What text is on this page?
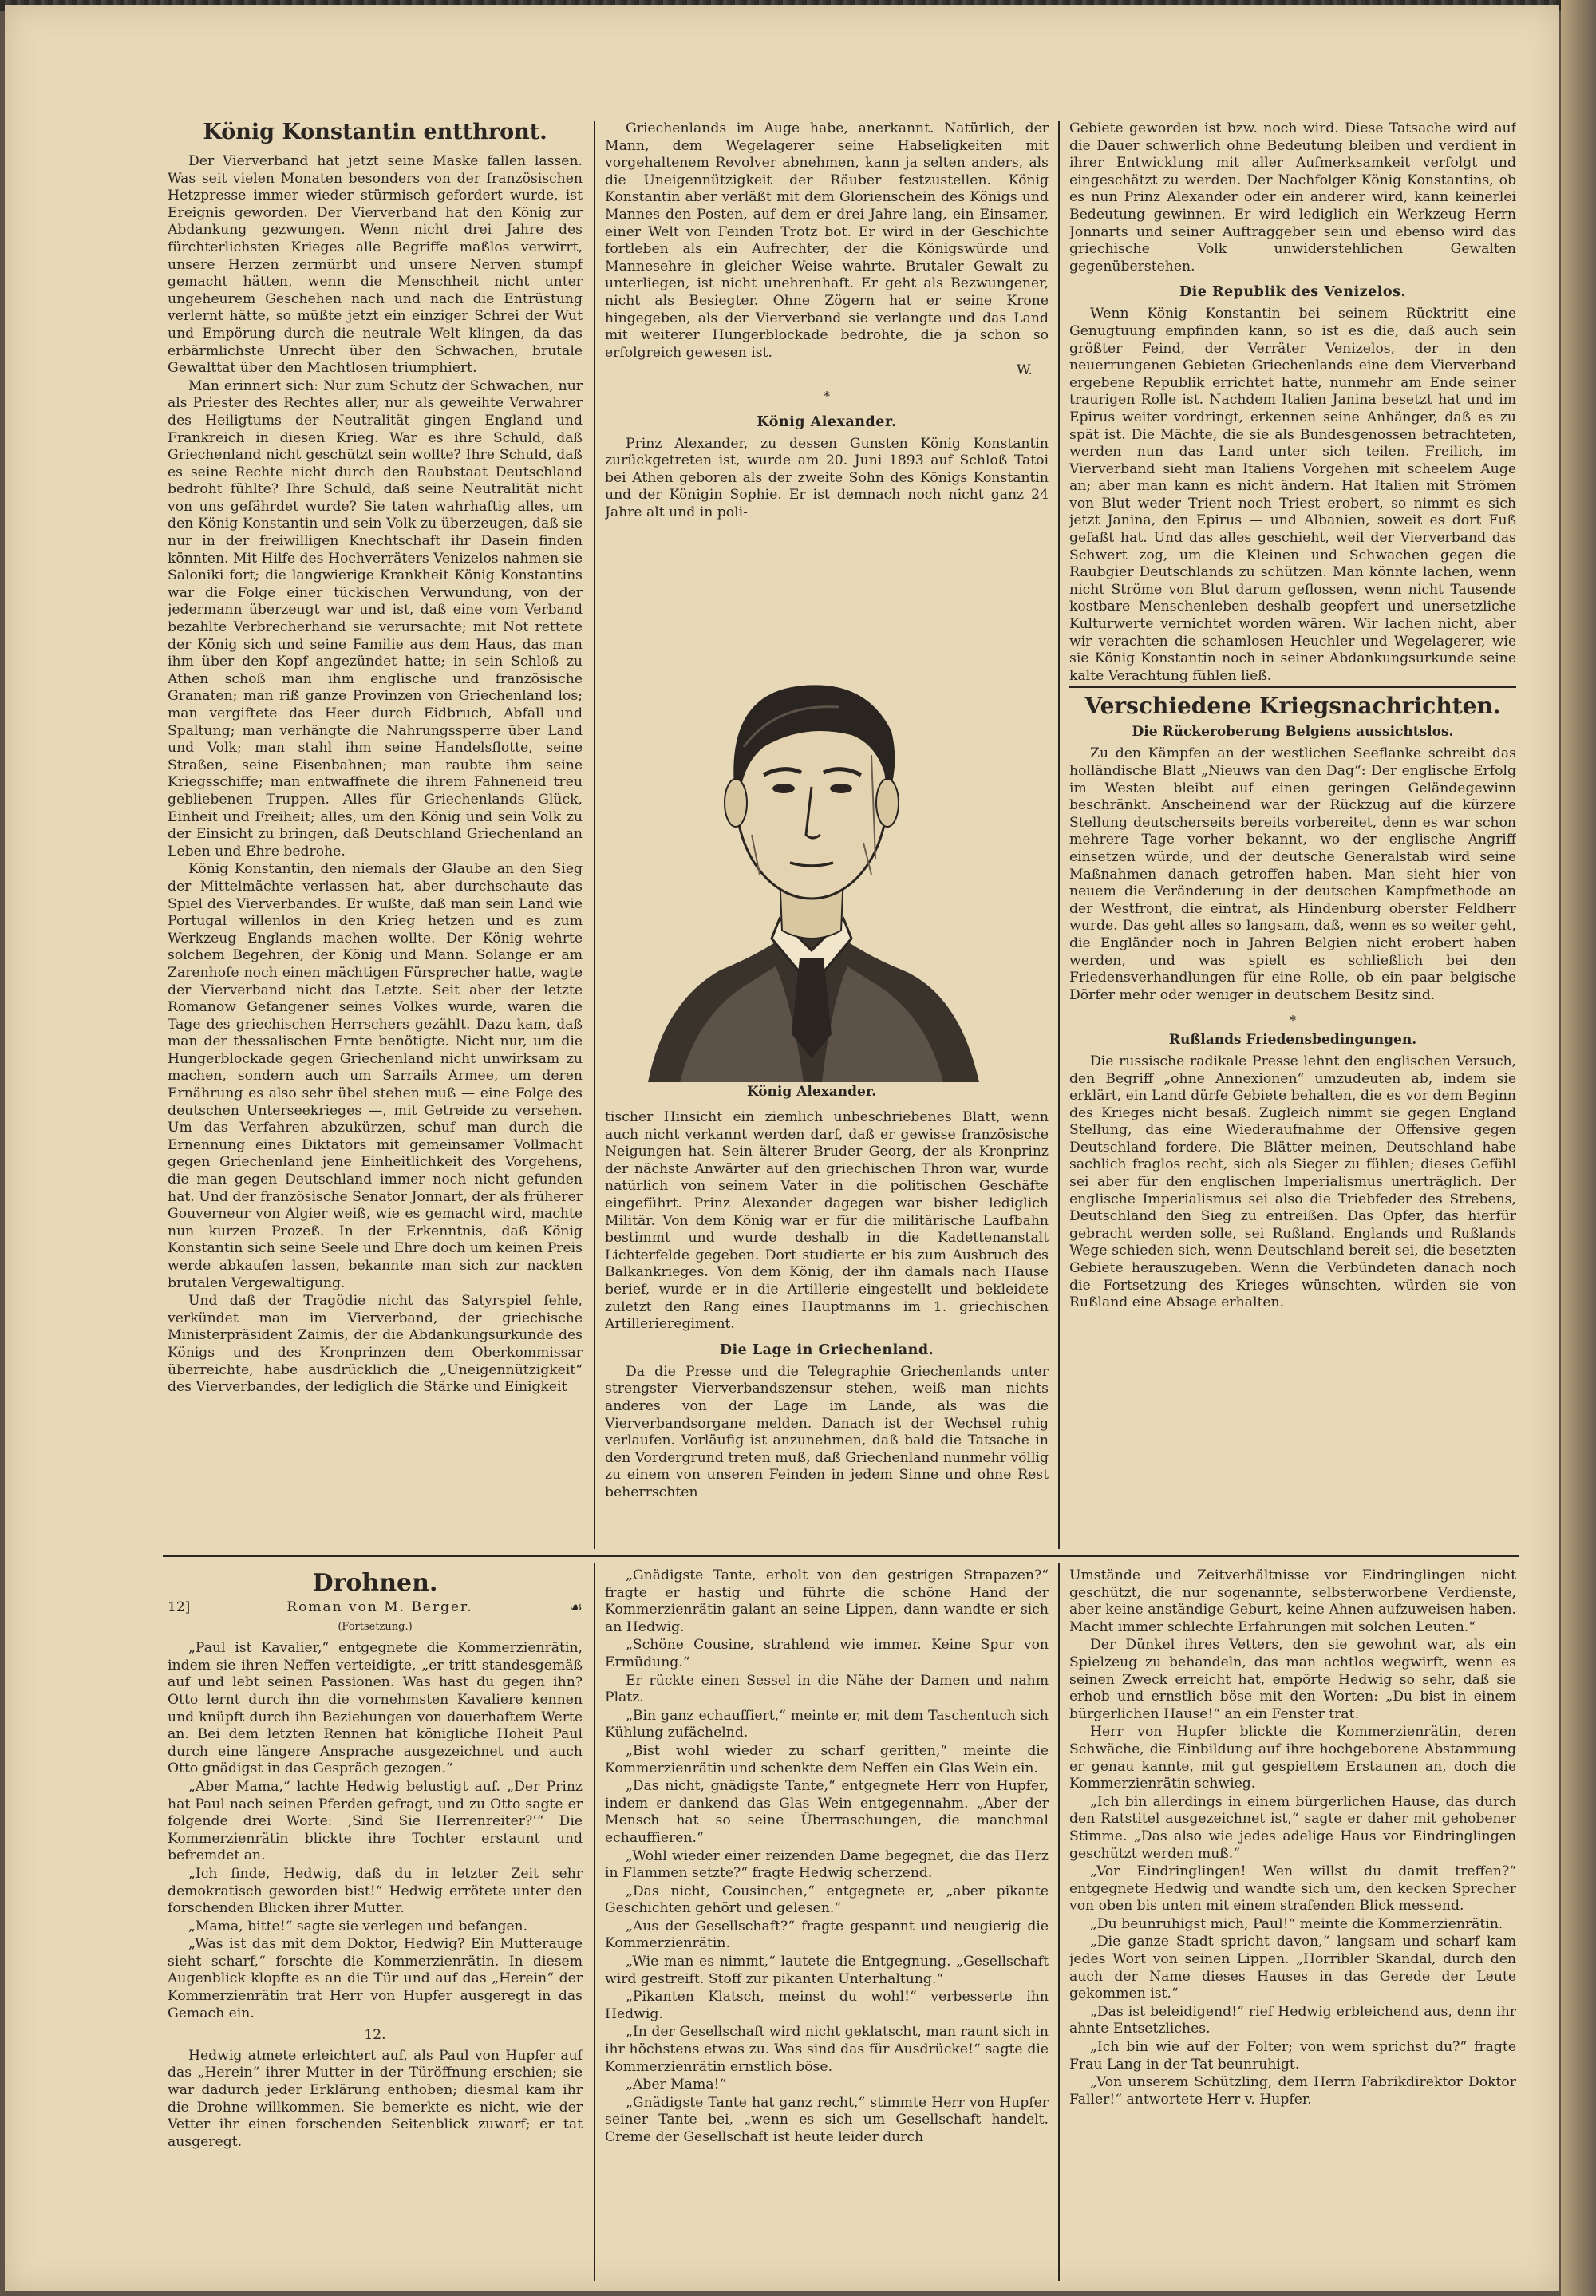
König Konstantin entthront.

Der Vierverband hat jetzt seine Maske fallen lassen. Was seit vielen Monaten besonders von der französischen Hetzpresse immer wieder stürmisch gefordert wurde, ist Ereignis geworden. Der Vierverband hat den König zur Abdankung gezwungen. Wenn nicht drei Jahre des fürchterlichsten Krieges alle Begriffe maßlos verwirrt, unsere Herzen zermürbt und unsere Nerven stumpf gemacht hätten, wenn die Menschheit nicht unter ungeheurem Geschehen nach und nach die Entrüstung verlernt hätte, so müßte jetzt ein einziger Schrei der Wut und Empörung durch die neutrale Welt klingen, da das erbärmlichste Unrecht über den Schwachen, brutale Gewalttat über den Machtlosen triumphiert.

Man erinnert sich: Nur zum Schutz der Schwachen, nur als Priester des Rechtes aller, nur als geweihte Verwahrer des Heiligtums der Neutralität gingen England und Frankreich in diesen Krieg. War es ihre Schuld, daß Griechenland nicht geschützt sein wollte? Ihre Schuld, daß es seine Rechte nicht durch den Raubstaat Deutschland bedroht fühlte? Ihre Schuld, daß seine Neutralität nicht von uns gefährdet wurde? Sie taten wahrhaftig alles, um den König Konstantin und sein Volk zu überzeugen, daß sie nur in der freiwilligen Knechtschaft ihr Dasein finden könnten. Mit Hilfe des Hochverräters Venizelos nahmen sie Saloniki fort; die langwierige Krankheit König Konstantins war die Folge einer tückischen Verwundung, von der jedermann überzeugt war und ist, daß eine vom Verband bezahlte Verbrecherhand sie verursachte; mit Not rettete der König sich und seine Familie aus dem Haus, das man ihm über den Kopf angezündet hatte; in sein Schloß zu Athen schoß man ihm englische und französische Granaten; man riß ganze Provinzen von Griechenland los; man vergiftete das Heer durch Eidbruch, Abfall und Spaltung; man verhängte die Nahrungssperre über Land und Volk; man stahl ihm seine Handelsflotte, seine Straßen, seine Eisenbahnen; man raubte ihm seine Kriegsschiffe; man entwaffnete die ihrem Fahneneid treu gebliebenen Truppen. Alles für Griechenlands Glück, Einheit und Freiheit; alles, um den König und sein Volk zu der Einsicht zu bringen, daß Deutschland Griechenland an Leben und Ehre bedrohe.

König Konstantin, den niemals der Glaube an den Sieg der Mittelmächte verlassen hat, aber durchschaute das Spiel des Vierverbandes. Er wußte, daß man sein Land wie Portugal willenlos in den Krieg hetzen und es zum Werkzeug Englands machen wollte. Der König wehrte solchem Begehren, der König und Mann. Solange er am Zarenhofe noch einen mächtigen Fürsprecher hatte, wagte der Vierverband nicht das Letzte. Seit aber der letzte Romanow Gefangener seines Volkes wurde, waren die Tage des griechischen Herrschers gezählt. Dazu kam, daß man der thessalischen Ernte benötigte. Nicht nur, um die Hungerblockade gegen Griechenland nicht unwirksam zu machen, sondern auch um Sarrails Armee, um deren Ernährung es also sehr übel stehen muß — eine Folge des deutschen Unterseekrieges —, mit Getreide zu versehen. Um das Verfahren abzukürzen, schuf man durch die Ernennung eines Diktators mit gemeinsamer Vollmacht gegen Griechenland jene Einheitlichkeit des Vorgehens, die man gegen Deutschland immer noch nicht gefunden hat. Und der französische Senator Jonnart, der als früherer Gouverneur von Algier weiß, wie es gemacht wird, machte nun kurzen Prozeß. In der Erkenntnis, daß König Konstantin sich seine Seele und Ehre doch um keinen Preis werde abkaufen lassen, bekannte man sich zur nackten brutalen Vergewaltigung.

Und daß der Tragödie nicht das Satyrspiel fehle, verkündet man im Vierverband, der griechische Ministerpräsident Zaimis, der die Abdankungsurkunde des Königs und des Kronprinzen dem Oberkommissar überreichte, habe ausdrücklich die „Uneigennützigkeit“ des Vierverbandes, der lediglich die Stärke und Einigkeit

Griechenlands im Auge habe, anerkannt. Natürlich, der Mann, dem Wegelagerer seine Habseligkeiten mit vorgehaltenem Revolver abnehmen, kann ja selten anders, als die Uneigennützigkeit der Räuber festzustellen. König Konstantin aber verläßt mit dem Glorienschein des Königs und Mannes den Posten, auf dem er drei Jahre lang, ein Einsamer, einer Welt von Feinden Trotz bot. Er wird in der Geschichte fortleben als ein Aufrechter, der die Königswürde und Mannesehre in gleicher Weise wahrte. Brutaler Gewalt zu unterliegen, ist nicht unehrenhaft. Er geht als Bezwungener, nicht als Besiegter. Ohne Zögern hat er seine Krone hingegeben, als der Vierverband sie verlangte und das Land mit weiterer Hungerblockade bedrohte, die ja schon so erfolgreich gewesen ist.

W.
*
König Alexander.

Prinz Alexander, zu dessen Gunsten König Konstantin zurückgetreten ist, wurde am 20. Juni 1893 auf Schloß Tatoi bei Athen geboren als der zweite Sohn des Königs Konstantin und der Königin Sophie. Er ist demnach noch nicht ganz 24 Jahre alt und in poli-

König Alexander.

tischer Hinsicht ein ziemlich unbeschriebenes Blatt, wenn auch nicht verkannt werden darf, daß er gewisse französische Neigungen hat. Sein älterer Bruder Georg, der als Kronprinz der nächste Anwärter auf den griechischen Thron war, wurde natürlich von seinem Vater in die politischen Geschäfte eingeführt. Prinz Alexander dagegen war bisher lediglich Militär. Von dem König war er für die militärische Laufbahn bestimmt und wurde deshalb in die Kadettenanstalt Lichterfelde gegeben. Dort studierte er bis zum Ausbruch des Balkankrieges. Von dem König, der ihn damals nach Hause berief, wurde er in die Artillerie eingestellt und bekleidete zuletzt den Rang eines Hauptmanns im 1. griechischen Artillerieregiment.

Die Lage in Griechenland.

Da die Presse und die Telegraphie Griechenlands unter strengster Vierverbandszensur stehen, weiß man nichts anderes von der Lage im Lande, als was die Vierverbandsorgane melden. Danach ist der Wechsel ruhig verlaufen. Vorläufig ist anzunehmen, daß bald die Tatsache in den Vordergrund treten muß, daß Griechenland nunmehr völlig zu einem von unseren Feinden in jedem Sinne und ohne Rest beherrschten

Gebiete geworden ist bzw. noch wird. Diese Tatsache wird auf die Dauer schwerlich ohne Bedeutung bleiben und verdient in ihrer Entwicklung mit aller Aufmerksamkeit verfolgt und eingeschätzt zu werden. Der Nachfolger König Konstantins, ob es nun Prinz Alexander oder ein anderer wird, kann keinerlei Bedeutung gewinnen. Er wird lediglich ein Werkzeug Herrn Jonnarts und seiner Auftraggeber sein und ebenso wird das griechische Volk unwiderstehlichen Gewalten gegenüberstehen.

Die Republik des Venizelos.

Wenn König Konstantin bei seinem Rücktritt eine Genugtuung empfinden kann, so ist es die, daß auch sein größter Feind, der Verräter Venizelos, der in den neuerrungenen Gebieten Griechenlands eine dem Vierverband ergebene Republik errichtet hatte, nunmehr am Ende seiner traurigen Rolle ist. Nachdem Italien Janina besetzt hat und im Epirus weiter vordringt, erkennen seine Anhänger, daß es zu spät ist. Die Mächte, die sie als Bundesgenossen betrachteten, werden nun das Land unter sich teilen. Freilich, im Vierverband sieht man Italiens Vorgehen mit scheelem Auge an; aber man kann es nicht ändern. Hat Italien mit Strömen von Blut weder Trient noch Triest erobert, so nimmt es sich jetzt Janina, den Epirus — und Albanien, soweit es dort Fuß gefaßt hat. Und das alles geschieht, weil der Vierverband das Schwert zog, um die Kleinen und Schwachen gegen die Raubgier Deutschlands zu schützen. Man könnte lachen, wenn nicht Ströme von Blut darum geflossen, wenn nicht Tausende kostbare Menschenleben deshalb geopfert und unersetzliche Kulturwerte vernichtet worden wären. Wir lachen nicht, aber wir verachten die schamlosen Heuchler und Wegelagerer, wie sie König Konstantin noch in seiner Abdankungsurkunde seine kalte Verachtung fühlen ließ.

Verschiedene Kriegsnachrichten.
Die Rückeroberung Belgiens aussichtslos.

Zu den Kämpfen an der westlichen Seeflanke schreibt das holländische Blatt „Nieuws van den Dag“: Der englische Erfolg im Westen bleibt auf einen geringen Geländegewinn beschränkt. Anscheinend war der Rückzug auf die kürzere Stellung deutscherseits bereits vorbereitet, denn es war schon mehrere Tage vorher bekannt, wo der englische Angriff einsetzen würde, und der deutsche Generalstab wird seine Maßnahmen danach getroffen haben. Man sieht hier von neuem die Veränderung in der deutschen Kampfmethode an der Westfront, die eintrat, als Hindenburg oberster Feldherr wurde. Das geht alles so langsam, daß, wenn es so weiter geht, die Engländer noch in Jahren Belgien nicht erobert haben werden, und was spielt es schließlich bei den Friedensverhandlungen für eine Rolle, ob ein paar belgische Dörfer mehr oder weniger in deutschem Besitz sind.

*
Rußlands Friedensbedingungen.

Die russische radikale Presse lehnt den englischen Versuch, den Begriff „ohne Annexionen“ umzudeuten ab, indem sie erklärt, ein Land dürfe Gebiete behalten, die es vor dem Beginn des Krieges nicht besaß. Zugleich nimmt sie gegen England Stellung, das eine Wiederaufnahme der Offensive gegen Deutschland fordere. Die Blätter meinen, Deutschland habe sachlich fraglos recht, sich als Sieger zu fühlen; dieses Gefühl sei aber für den englischen Imperialismus unerträglich. Der englische Imperialismus sei also die Triebfeder des Strebens, Deutschland den Sieg zu entreißen. Das Opfer, das hierfür gebracht werden solle, sei Rußland. Englands und Rußlands Wege schieden sich, wenn Deutschland bereit sei, die besetzten Gebiete herauszugeben. Wenn die Verbündeten danach noch die Fortsetzung des Krieges wünschten, würden sie von Rußland eine Absage erhalten.

Drohnen.
12]	Roman von M. Berger.	☙
(Fortsetzung.)

„Paul ist Kavalier,“ entgegnete die Kommerzienrätin, indem sie ihren Neffen verteidigte, „er tritt standesgemäß auf und lebt seinen Passionen. Was hast du gegen ihn? Otto lernt durch ihn die vornehmsten Kavaliere kennen und knüpft durch ihn Beziehungen von dauerhaftem Werte an. Bei dem letzten Rennen hat königliche Hoheit Paul durch eine längere Ansprache ausgezeichnet und auch Otto gnädigst in das Gespräch gezogen.“

„Aber Mama,“ lachte Hedwig belustigt auf. „Der Prinz hat Paul nach seinen Pferden gefragt, und zu Otto sagte er folgende drei Worte: ‚Sind Sie Herrenreiter?‘“ Die Kommerzienrätin blickte ihre Tochter erstaunt und befremdet an.

„Ich finde, Hedwig, daß du in letzter Zeit sehr demokratisch geworden bist!“ Hedwig errötete unter den forschenden Blicken ihrer Mutter.

„Mama, bitte!“ sagte sie verlegen und befangen.

„Was ist das mit dem Doktor, Hedwig? Ein Mutterauge sieht scharf,“ forschte die Kommerzienrätin. In diesem Augenblick klopfte es an die Tür und auf das „Herein“ der Kommerzienrätin trat Herr von Hupfer ausgeregt in das Gemach ein.

12.

Hedwig atmete erleichtert auf, als Paul von Hupfer auf das „Herein“ ihrer Mutter in der Türöffnung erschien; sie war dadurch jeder Erklärung enthoben; diesmal kam ihr die Drohne willkommen. Sie bemerkte es nicht, wie der Vetter ihr einen forschenden Seitenblick zuwarf; er tat ausgeregt.

„Gnädigste Tante, erholt von den gestrigen Strapazen?“ fragte er hastig und führte die schöne Hand der Kommerzienrätin galant an seine Lippen, dann wandte er sich an Hedwig.

„Schöne Cousine, strahlend wie immer. Keine Spur von Ermüdung.“

Er rückte einen Sessel in die Nähe der Damen und nahm Platz.

„Bin ganz echauffiert,“ meinte er, mit dem Taschentuch sich Kühlung zufächelnd.

„Bist wohl wieder zu scharf geritten,“ meinte die Kommerzienrätin und schenkte dem Neffen ein Glas Wein ein.

„Das nicht, gnädigste Tante,“ entgegnete Herr von Hupfer, indem er dankend das Glas Wein entgegennahm. „Aber der Mensch hat so seine Überraschungen, die manchmal echauffieren.“

„Wohl wieder einer reizenden Dame begegnet, die das Herz in Flammen setzte?“ fragte Hedwig scherzend.

„Das nicht, Cousinchen,“ entgegnete er, „aber pikante Geschichten gehört und gelesen.“

„Aus der Gesellschaft?“ fragte gespannt und neugierig die Kommerzienrätin.

„Wie man es nimmt,“ lautete die Entgegnung. „Gesellschaft wird gestreift. Stoff zur pikanten Unterhaltung.“

„Pikanten Klatsch, meinst du wohl!“ verbesserte ihn Hedwig.

„In der Gesellschaft wird nicht geklatscht, man raunt sich in ihr höchstens etwas zu. Was sind das für Ausdrücke!“ sagte die Kommerzienrätin ernstlich böse.

„Aber Mama!“

„Gnädigste Tante hat ganz recht,“ stimmte Herr von Hupfer seiner Tante bei, „wenn es sich um Gesellschaft handelt. Creme der Gesellschaft ist heute leider durch

Umstände und Zeitverhältnisse vor Eindringlingen nicht geschützt, die nur sogenannte, selbsterworbene Verdienste, aber keine anständige Geburt, keine Ahnen aufzuweisen haben. Macht immer schlechte Erfahrungen mit solchen Leuten.“

Der Dünkel ihres Vetters, den sie gewohnt war, als ein Spielzeug zu behandeln, das man achtlos wegwirft, wenn es seinen Zweck erreicht hat, empörte Hedwig so sehr, daß sie erhob und ernstlich böse mit den Worten: „Du bist in einem bürgerlichen Hause!“ an ein Fenster trat.

Herr von Hupfer blickte die Kommerzienrätin, deren Schwäche, die Einbildung auf ihre hochgeborene Abstammung er genau kannte, mit gut gespieltem Erstaunen an, doch die Kommerzienrätin schwieg.

„Ich bin allerdings in einem bürgerlichen Hause, das durch den Ratstitel ausgezeichnet ist,“ sagte er daher mit gehobener Stimme. „Das also wie jedes adelige Haus vor Eindringlingen geschützt werden muß.“

„Vor Eindringlingen! Wen willst du damit treffen?“ entgegnete Hedwig und wandte sich um, den kecken Sprecher von oben bis unten mit einem strafenden Blick messend.

„Du beunruhigst mich, Paul!“ meinte die Kommerzienrätin.

„Die ganze Stadt spricht davon,“ langsam und scharf kam jedes Wort von seinen Lippen. „Horribler Skandal, durch den auch der Name dieses Hauses in das Gerede der Leute gekommen ist.“

„Das ist beleidigend!“ rief Hedwig erbleichend aus, denn ihr ahnte Entsetzliches.

„Ich bin wie auf der Folter; von wem sprichst du?“ fragte Frau Lang in der Tat beunruhigt.

„Von unserem Schützling, dem Herrn Fabrikdirektor Doktor Faller!“ antwortete Herr v. Hupfer.
